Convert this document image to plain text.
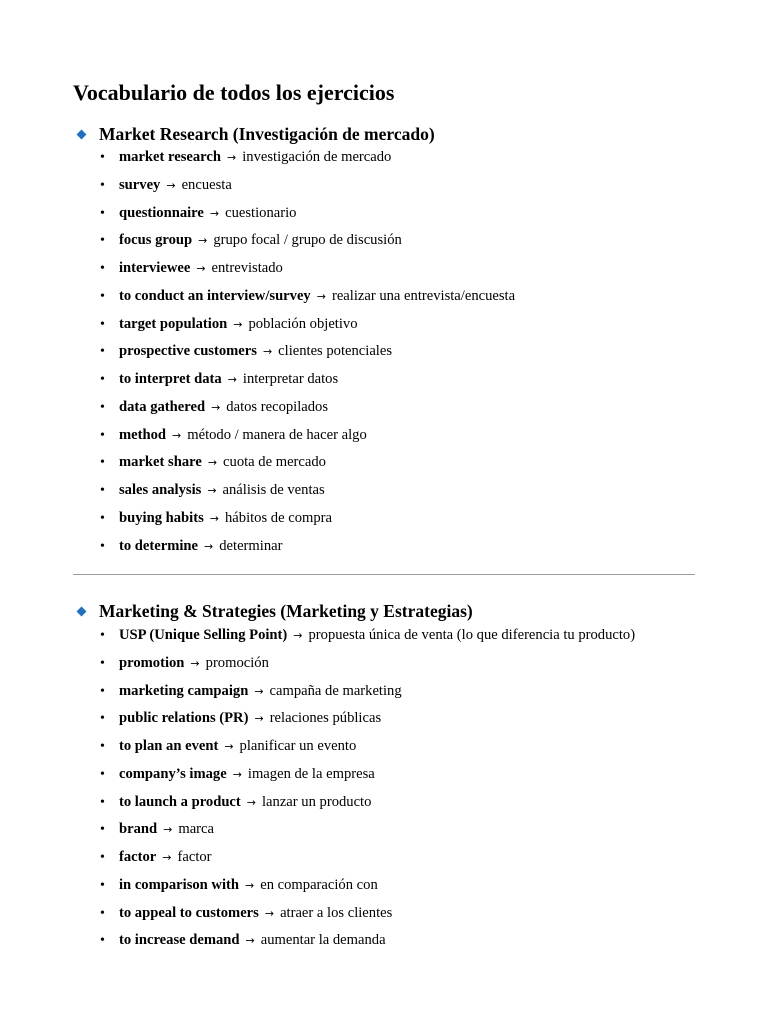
Vocabulario de todos los ejercicios
Market Research (Investigación de mercado)
• market research → investigación de mercado
• survey → encuesta
• questionnaire → cuestionario
• focus group → grupo focal / grupo de discusión
• interviewee → entrevistado
• to conduct an interview/survey → realizar una entrevista/encuesta
• target population → población objetivo
• prospective customers → clientes potenciales
• to interpret data → interpretar datos
• data gathered → datos recopilados
• method → método / manera de hacer algo
• market share → cuota de mercado
• sales analysis → análisis de ventas
• buying habits → hábitos de compra
• to determine → determinar
Marketing & Strategies (Marketing y Estrategias)
• USP (Unique Selling Point) → propuesta única de venta (lo que diferencia tu producto)
• promotion → promoción
• marketing campaign → campaña de marketing
• public relations (PR) → relaciones públicas
• to plan an event → planificar un evento
• company’s image → imagen de la empresa
• to launch a product → lanzar un producto
• brand → marca
• factor → factor
• in comparison with → en comparación con
• to appeal to customers → atraer a los clientes
• to increase demand → aumentar la demanda
